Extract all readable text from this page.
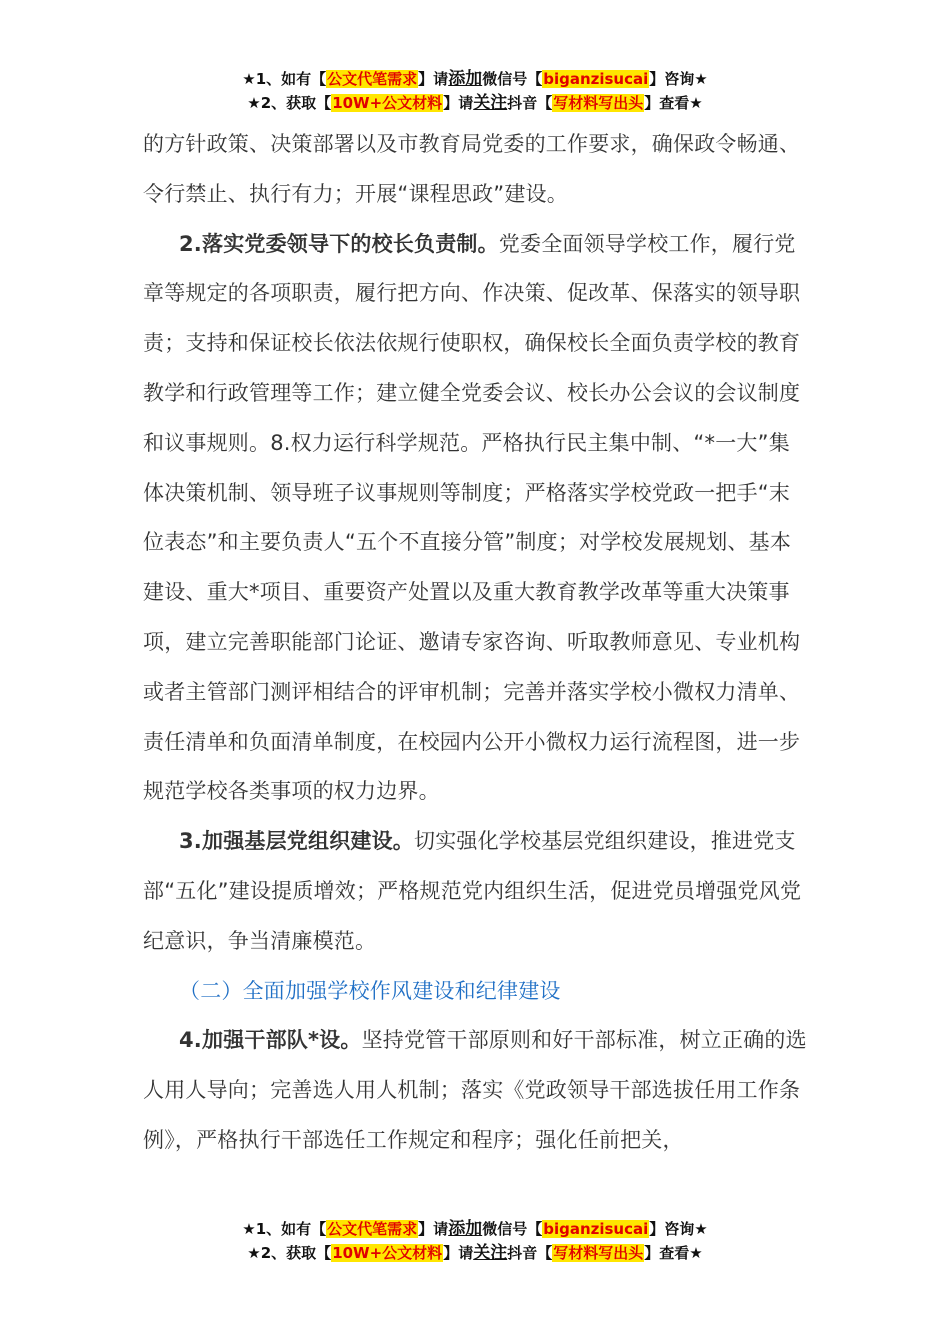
★1、如有【公文代笔需求】请添加微信号【biganzisucai】咨询★
★2、获取【10W+公文材料】请关注抖音【写材料写出头】查看★

的方针政策、决策部署以及市教育局党委的工作要求，确保政令畅通、令行禁止、执行有力；开展“课程思政”建设。

2.落实党委领导下的校长负责制。党委全面领导学校工作，履行党章等规定的各项职责，履行把方向、作决策、促改革、保落实的领导职责；支持和保证校长依法依规行使职权，确保校长全面负责学校的教育教学和行政管理等工作；建立健全党委会议、校长办公会议的会议制度和议事规则。8.权力运行科学规范。严格执行民主集中制、“*一大”集体决策机制、领导班子议事规则等制度；严格落实学校党政一把手“末位表态”和主要负责人“五个不直接分管”制度；对学校发展规划、基本建设、重大*项目、重要资产处置以及重大教育教学改革等重大决策事项，建立完善职能部门论证、邀请专家咨询、听取教师意见、专业机构或者主管部门测评相结合的评审机制；完善并落实学校小微权力清单、责任清单和负面清单制度，在校园内公开小微权力运行流程图，进一步规范学校各类事项的权力边界。

3.加强基层党组织建设。切实强化学校基层党组织建设，推进党支部“五化”建设提质增效；严格规范党内组织生活，促进党员增强党风党纪意识，争当清廉模范。

（二）全面加强学校作风建设和纪律建设

4.加强干部队*设。坚持党管干部原则和好干部标准，树立正确的选人用人导向；完善选人用人机制；落实《党政领导干部选拔任用工作条例》，严格执行干部选任工作规定和程序；强化任前把关，

★1、如有【公文代笔需求】请添加微信号【biganzisucai】咨询★
★2、获取【10W+公文材料】请关注抖音【写材料写出头】查看★
